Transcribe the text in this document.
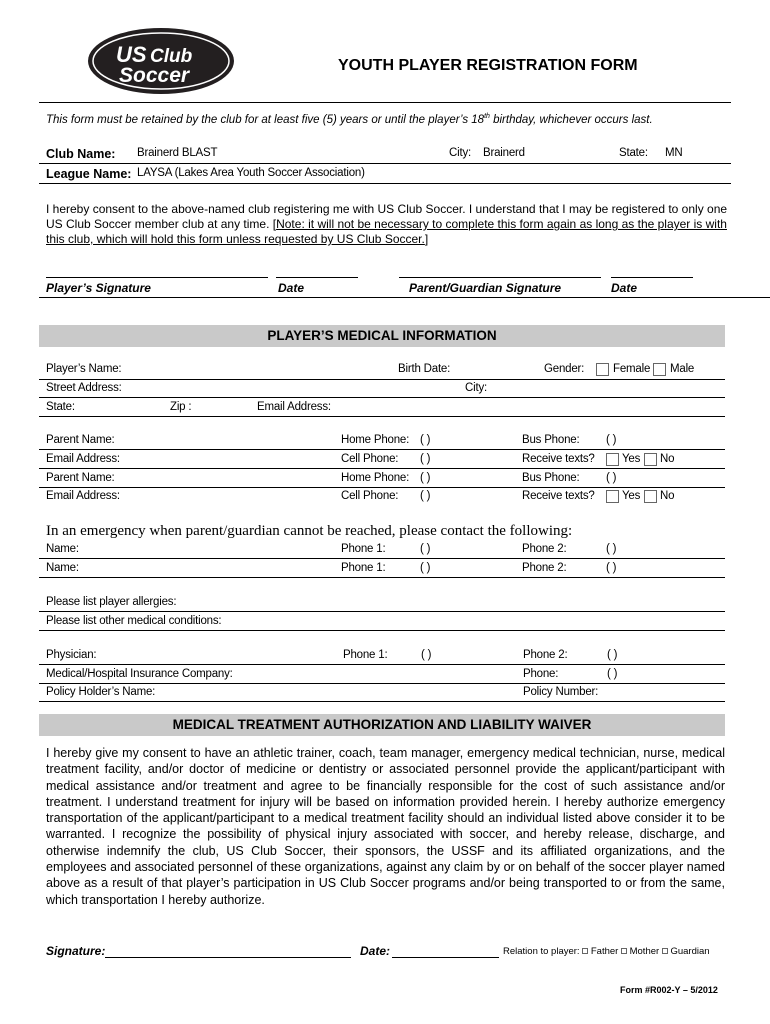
US Club
Soccer	YOUTH PLAYER REGISTRATION FORM
This form must be retained by the club for at least five (5) years or until the player’s 18th birthday, whichever occurs last.
Club Name: Brainerd BLAST	City: Brainerd	State: MN
League Name: LAYSA (Lakes Area Youth Soccer Association)
I hereby consent to the above-named club registering me with US Club Soccer. I understand that I may be registered to only one US Club Soccer member club at any time. [Note: it will not be necessary to complete this form again as long as the player is with this club, which will hold this form unless requested by US Club Soccer.]
Player’s Signature	Date	Parent/Guardian Signature	Date
PLAYER’S MEDICAL INFORMATION
Player’s Name:	Birth Date:	Gender:	Female Male
Street Address:	City:
State:	Zip :	Email Address:
Parent Name:	Home Phone: ( )	Bus Phone: ( )
Email Address:	Cell Phone: ( )	Receive texts? Yes No
Parent Name:	Home Phone: ( )	Bus Phone: ( )
Email Address:	Cell Phone: ( )	Receive texts? Yes No
In an emergency when parent/guardian cannot be reached, please contact the following:
Name:	Phone 1:	( )	Phone 2:	( )
Name:	Phone 1:	( )	Phone 2:	( )
Please list player allergies:
Please list other medical conditions:
Physician:	Phone 1:	( )	Phone 2:	( )
Medical/Hospital Insurance Company:	Phone:	( )
Policy Holder’s Name:	Policy Number:
MEDICAL TREATMENT AUTHORIZATION AND LIABILITY WAIVER
I hereby give my consent to have an athletic trainer, coach, team manager, emergency medical technician, nurse, medical treatment facility, and/or doctor of medicine or dentistry or associated personnel provide the applicant/participant with medical assistance and/or treatment and agree to be financially responsible for the cost of such assistance and/or treatment. I understand treatment for injury will be based on information provided herein. I hereby authorize emergency transportation of the applicant/participant to a medical treatment facility should an individual listed above consider it to be warranted. I recognize the possibility of physical injury associated with soccer, and hereby release, discharge, and otherwise indemnify the club, US Club Soccer, their sponsors, the USSF and its affiliated organizations, and the employees and associated personnel of these organizations, against any claim by or on behalf of the soccer player named above as a result of that player’s participation in US Club Soccer programs and/or being transported to or from the same, which transportation I hereby authorize.
Signature:	Date:	Relation to player: Father Mother Guardian
Form #R002-Y – 5/2012
